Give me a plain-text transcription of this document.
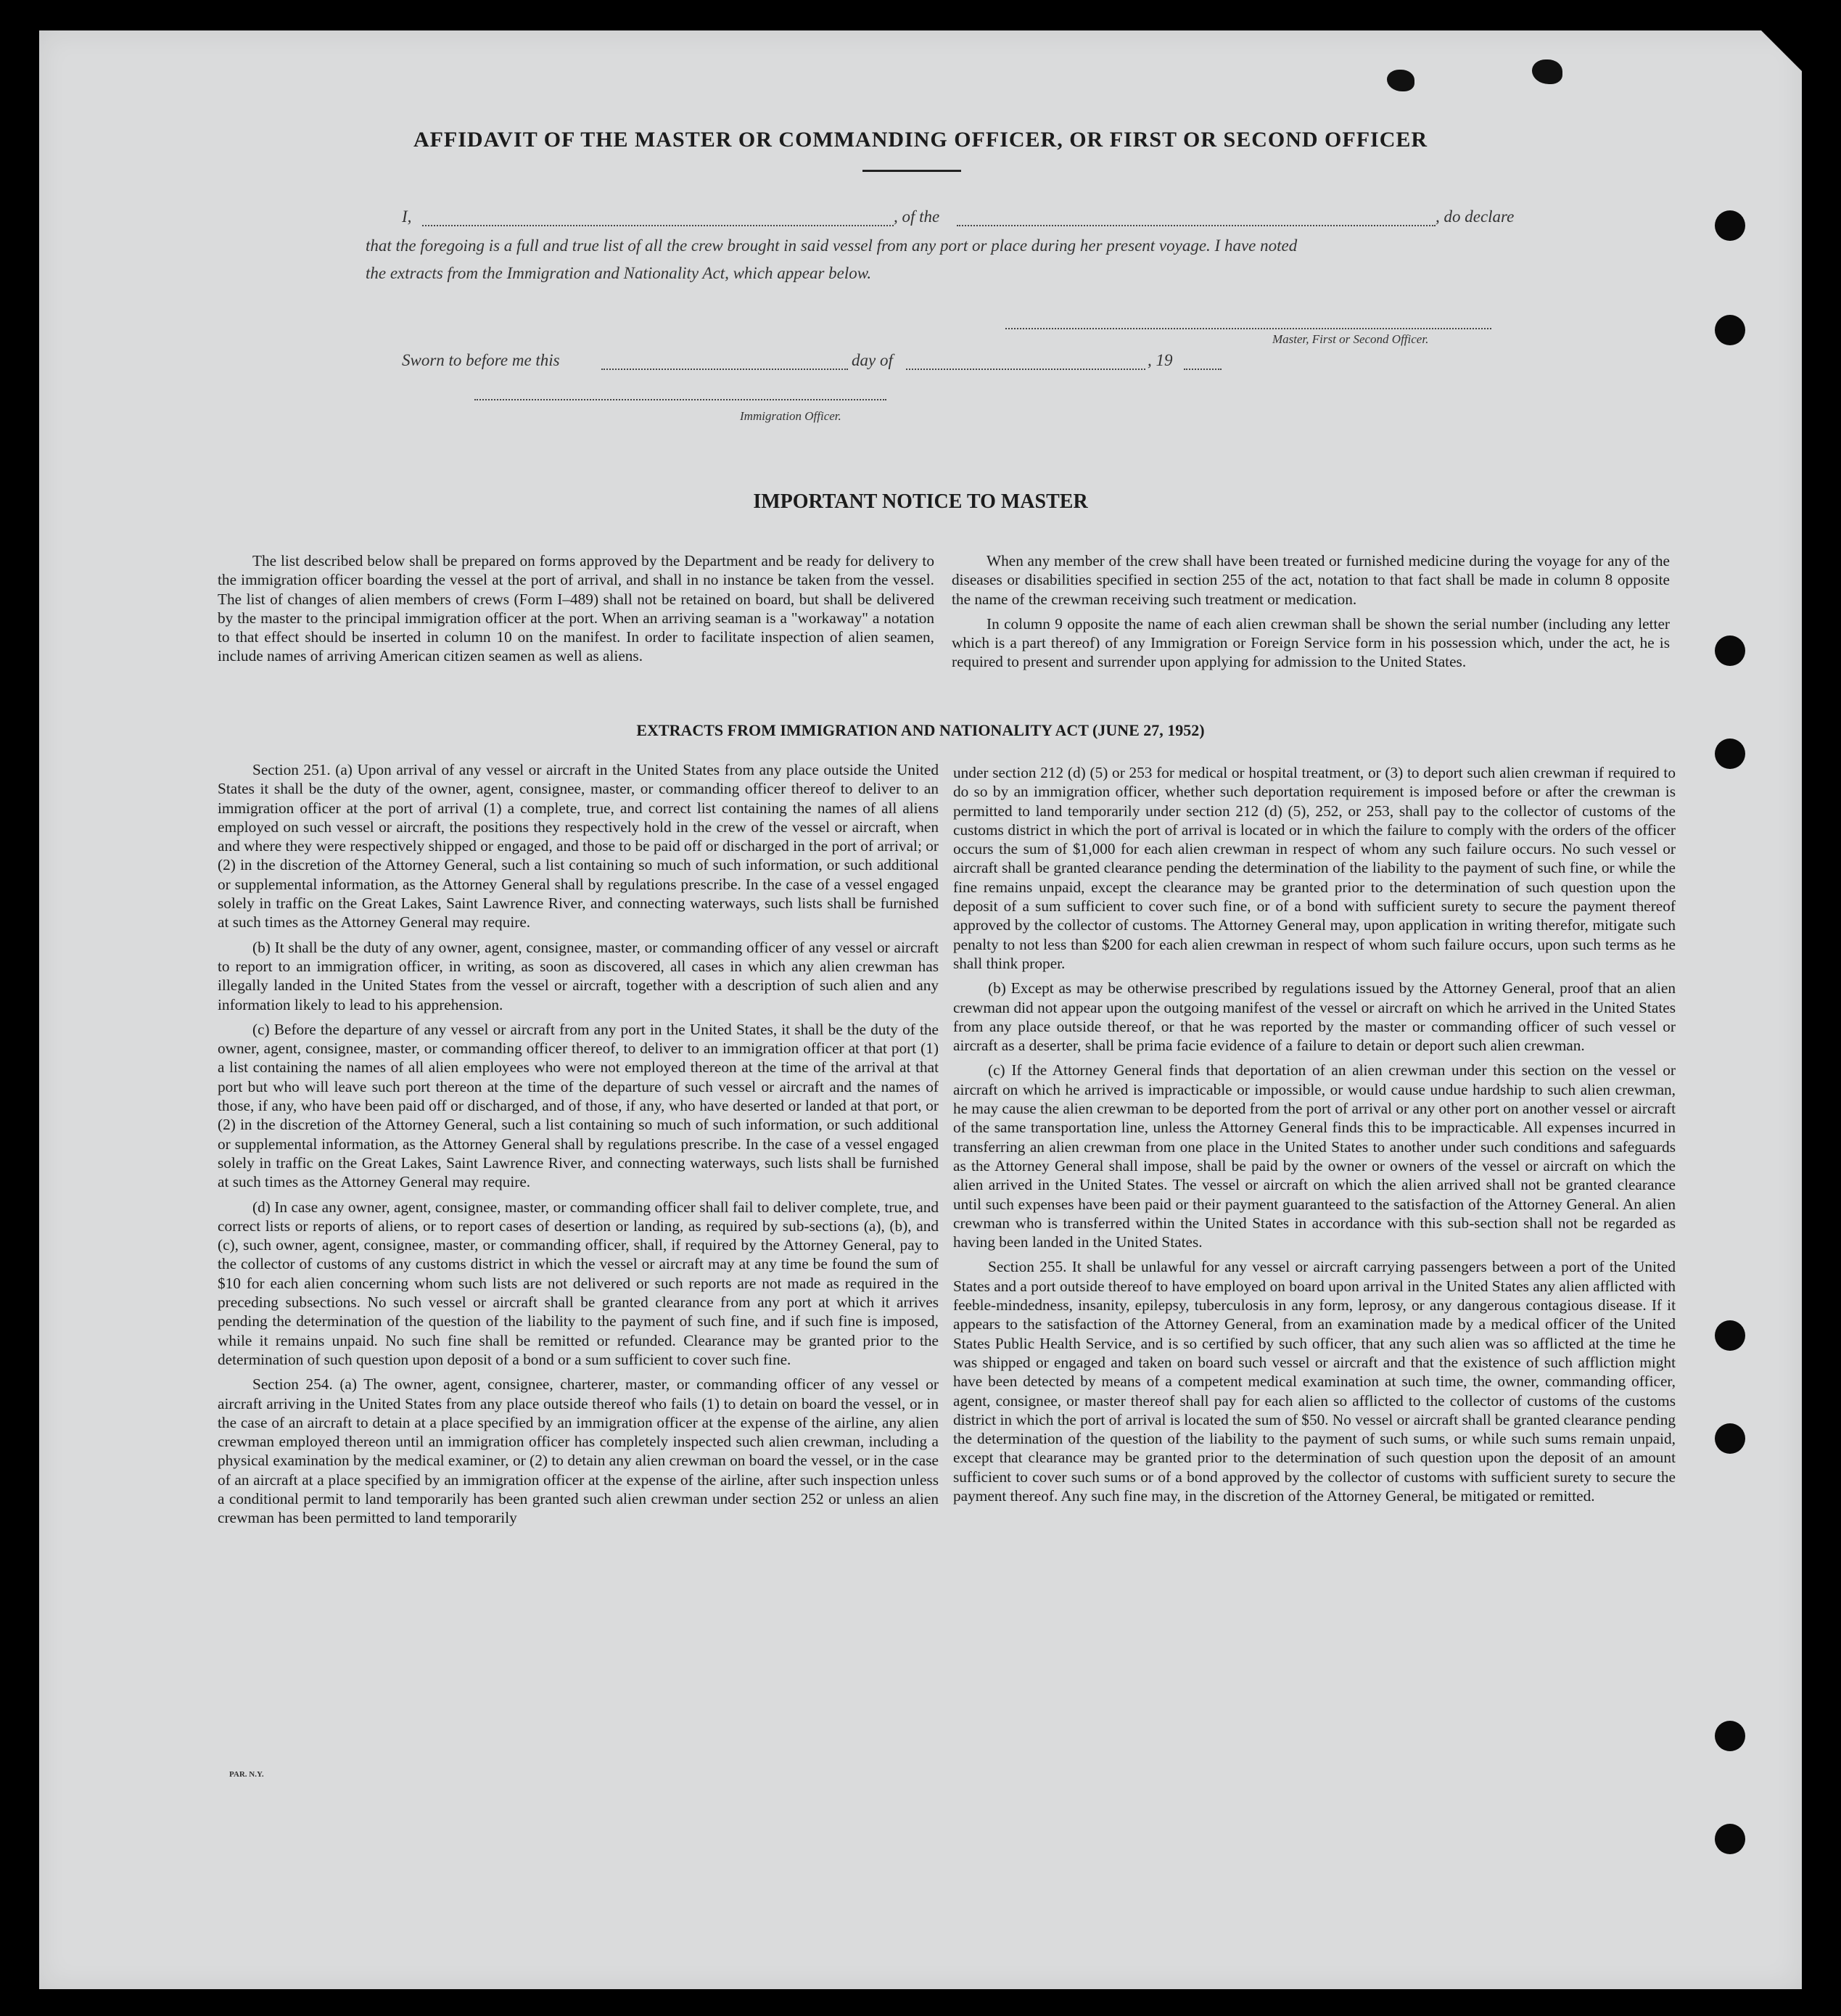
AFFIDAVIT OF THE MASTER OR COMMANDING OFFICER, OR FIRST OR SECOND OFFICER
I,	, of the	, do declare
that the foregoing is a full and true list of all the crew brought in said vessel from any port or place during her present voyage. I have noted
the extracts from the Immigration and Nationality Act, which appear below.
Master, First or Second Officer.
Sworn to before me this	day of	, 19
Immigration Officer.
IMPORTANT NOTICE TO MASTER

The list described below shall be prepared on forms approved by the Department and be ready for delivery to the immigration officer boarding the vessel at the port of arrival, and shall in no instance be taken from the vessel. The list of changes of alien members of crews (Form I–489) shall not be retained on board, but shall be delivered by the master to the principal immigration officer at the port. When an arriving seaman is a "workaway" a notation to that effect should be inserted in column 10 on the manifest. In order to facilitate inspection of alien seamen, include names of arriving American citizen seamen as well as aliens.

When any member of the crew shall have been treated or furnished medicine during the voyage for any of the diseases or disabilities specified in section 255 of the act, notation to that fact shall be made in column 8 opposite the name of the crewman receiving such treatment or medication.

In column 9 opposite the name of each alien crewman shall be shown the serial number (including any letter which is a part thereof) of any Immigration or Foreign Service form in his possession which, under the act, he is required to present and surrender upon applying for admission to the United States.

EXTRACTS FROM IMMIGRATION AND NATIONALITY ACT (JUNE 27, 1952)

Section 251. (a) Upon arrival of any vessel or aircraft in the United States from any place outside the United States it shall be the duty of the owner, agent, consignee, master, or commanding officer thereof to deliver to an immigration officer at the port of arrival (1) a complete, true, and correct list containing the names of all aliens employed on such vessel or aircraft, the positions they respectively hold in the crew of the vessel or aircraft, when and where they were respectively shipped or engaged, and those to be paid off or discharged in the port of arrival; or (2) in the discretion of the Attorney General, such a list containing so much of such information, or such additional or supplemental information, as the Attorney General shall by regulations prescribe. In the case of a vessel engaged solely in traffic on the Great Lakes, Saint Lawrence River, and connecting waterways, such lists shall be furnished at such times as the Attorney General may require.

(b) It shall be the duty of any owner, agent, consignee, master, or commanding officer of any vessel or aircraft to report to an immigration officer, in writing, as soon as discovered, all cases in which any alien crewman has illegally landed in the United States from the vessel or aircraft, together with a description of such alien and any information likely to lead to his apprehension.

(c) Before the departure of any vessel or aircraft from any port in the United States, it shall be the duty of the owner, agent, consignee, master, or commanding officer thereof, to deliver to an immigration officer at that port (1) a list containing the names of all alien employees who were not employed thereon at the time of the arrival at that port but who will leave such port thereon at the time of the departure of such vessel or aircraft and the names of those, if any, who have been paid off or discharged, and of those, if any, who have deserted or landed at that port, or (2) in the discretion of the Attorney General, such a list containing so much of such information, or such additional or supplemental information, as the Attorney General shall by regulations prescribe. In the case of a vessel engaged solely in traffic on the Great Lakes, Saint Lawrence River, and connecting waterways, such lists shall be furnished at such times as the Attorney General may require.

(d) In case any owner, agent, consignee, master, or commanding officer shall fail to deliver complete, true, and correct lists or reports of aliens, or to report cases of desertion or landing, as required by sub-sections (a), (b), and (c), such owner, agent, consignee, master, or commanding officer, shall, if required by the Attorney General, pay to the collector of customs of any customs district in which the vessel or aircraft may at any time be found the sum of $10 for each alien concerning whom such lists are not delivered or such reports are not made as required in the preceding subsections. No such vessel or aircraft shall be granted clearance from any port at which it arrives pending the determination of the question of the liability to the payment of such fine, and if such fine is imposed, while it remains unpaid. No such fine shall be remitted or refunded. Clearance may be granted prior to the determination of such question upon deposit of a bond or a sum sufficient to cover such fine.

Section 254. (a) The owner, agent, consignee, charterer, master, or commanding officer of any vessel or aircraft arriving in the United States from any place outside thereof who fails (1) to detain on board the vessel, or in the case of an aircraft to detain at a place specified by an immigration officer at the expense of the airline, any alien crewman employed thereon until an immigration officer has completely inspected such alien crewman, including a physical examination by the medical examiner, or (2) to detain any alien crewman on board the vessel, or in the case of an aircraft at a place specified by an immigration officer at the expense of the airline, after such inspection unless a conditional permit to land temporarily has been granted such alien crewman under section 252 or unless an alien crewman has been permitted to land temporarily

under section 212 (d) (5) or 253 for medical or hospital treatment, or (3) to deport such alien crewman if required to do so by an immigration officer, whether such deportation requirement is imposed before or after the crewman is permitted to land temporarily under section 212 (d) (5), 252, or 253, shall pay to the collector of customs of the customs district in which the port of arrival is located or in which the failure to comply with the orders of the officer occurs the sum of $1,000 for each alien crewman in respect of whom any such failure occurs. No such vessel or aircraft shall be granted clearance pending the determination of the liability to the payment of such fine, or while the fine remains unpaid, except the clearance may be granted prior to the determination of such question upon the deposit of a sum sufficient to cover such fine, or of a bond with sufficient surety to secure the payment thereof approved by the collector of customs. The Attorney General may, upon application in writing therefor, mitigate such penalty to not less than $200 for each alien crewman in respect of whom such failure occurs, upon such terms as he shall think proper.

(b) Except as may be otherwise prescribed by regulations issued by the Attorney General, proof that an alien crewman did not appear upon the outgoing manifest of the vessel or aircraft on which he arrived in the United States from any place outside thereof, or that he was reported by the master or commanding officer of such vessel or aircraft as a deserter, shall be prima facie evidence of a failure to detain or deport such alien crewman.

(c) If the Attorney General finds that deportation of an alien crewman under this section on the vessel or aircraft on which he arrived is impracticable or impossible, or would cause undue hardship to such alien crewman, he may cause the alien crewman to be deported from the port of arrival or any other port on another vessel or aircraft of the same transportation line, unless the Attorney General finds this to be impracticable. All expenses incurred in transferring an alien crewman from one place in the United States to another under such conditions and safeguards as the Attorney General shall impose, shall be paid by the owner or owners of the vessel or aircraft on which the alien arrived in the United States. The vessel or aircraft on which the alien arrived shall not be granted clearance until such expenses have been paid or their payment guaranteed to the satisfaction of the Attorney General. An alien crewman who is transferred within the United States in accordance with this sub-section shall not be regarded as having been landed in the United States.

Section 255. It shall be unlawful for any vessel or aircraft carrying passengers between a port of the United States and a port outside thereof to have employed on board upon arrival in the United States any alien afflicted with feeble-mindedness, insanity, epilepsy, tuberculosis in any form, leprosy, or any dangerous contagious disease. If it appears to the satisfaction of the Attorney General, from an examination made by a medical officer of the United States Public Health Service, and is so certified by such officer, that any such alien was so afflicted at the time he was shipped or engaged and taken on board such vessel or aircraft and that the existence of such affliction might have been detected by means of a competent medical examination at such time, the owner, commanding officer, agent, consignee, or master thereof shall pay for each alien so afflicted to the collector of customs of the customs district in which the port of arrival is located the sum of $50. No vessel or aircraft shall be granted clearance pending the determination of the question of the liability to the payment of such sums, or while such sums remain unpaid, except that clearance may be granted prior to the determination of such question upon the deposit of an amount sufficient to cover such sums or of a bond approved by the collector of customs with sufficient surety to secure the payment thereof. Any such fine may, in the discretion of the Attorney General, be mitigated or remitted.

PAR. N.Y.
